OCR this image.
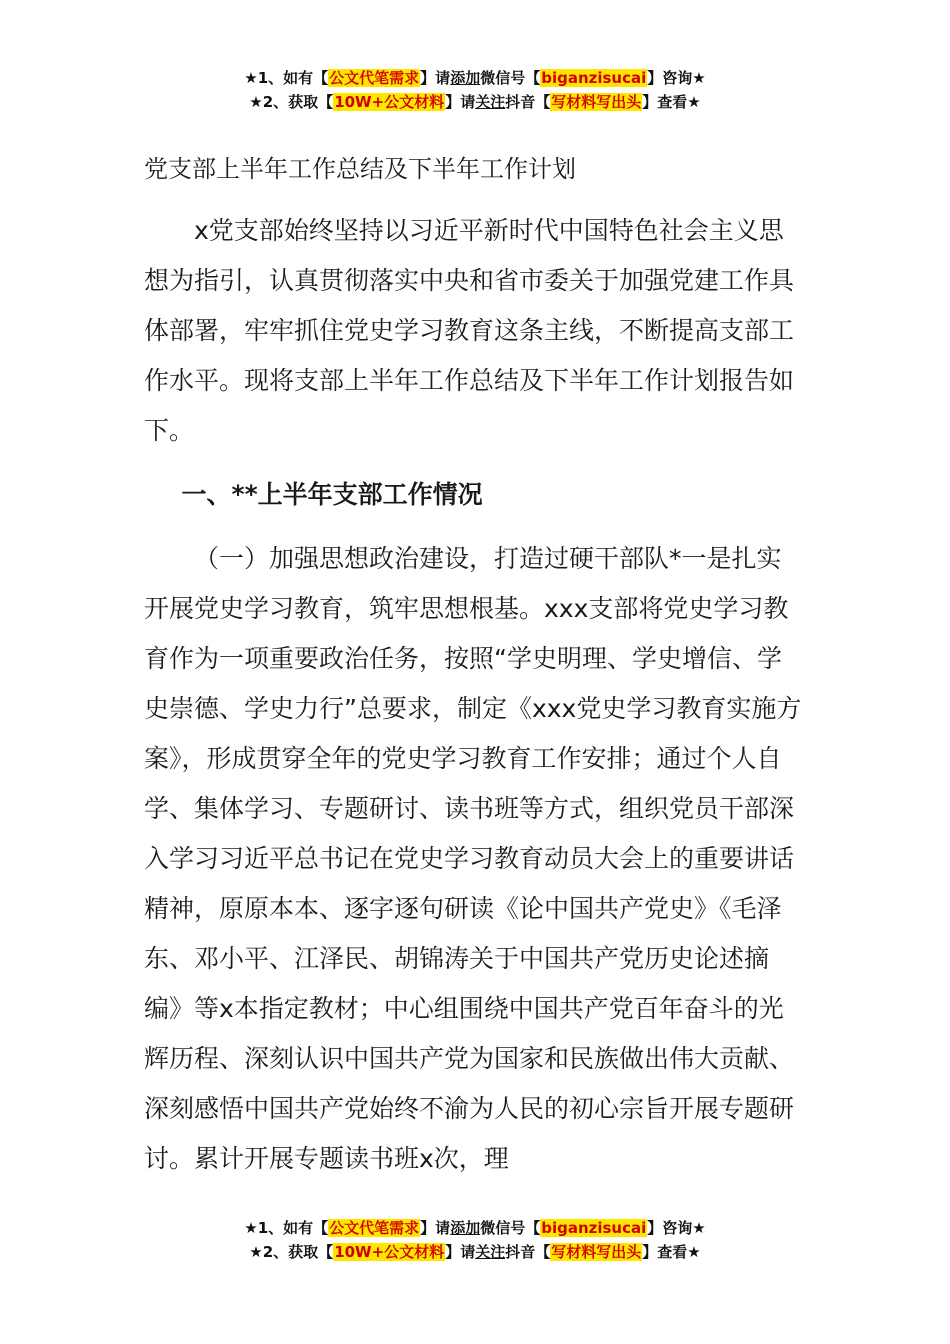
★1、如有【公文代笔需求】请添加微信号【biganzisucai】咨询★
★2、获取【10W+公文材料】请关注抖音【写材料写出头】查看★
党支部上半年工作总结及下半年工作计划

x党支部始终坚持以习近平新时代中国特色社会主义思想为指引，认真贯彻落实中央和省市委关于加强党建工作具体部署，牢牢抓住党史学习教育这条主线，不断提高支部工作水平。现将支部上半年工作总结及下半年工作计划报告如下。

一、**上半年支部工作情况

（一）加强思想政治建设，打造过硬干部队*一是扎实开展党史学习教育，筑牢思想根基。xxx支部将党史学习教育作为一项重要政治任务，按照“学史明理、学史增信、学史崇德、学史力行”总要求，制定《xxx党史学习教育实施方案》，形成贯穿全年的党史学习教育工作安排；通过个人自学、集体学习、专题研讨、读书班等方式，组织党员干部深入学习习近平总书记在党史学习教育动员大会上的重要讲话精神，原原本本、逐字逐句研读《论中国共产党史》《毛泽东、邓小平、江泽民、胡锦涛关于中国共产党历史论述摘编》等x本指定教材；中心组围绕中国共产党百年奋斗的光辉历程、深刻认识中国共产党为国家和民族做出伟大贡献、深刻感悟中国共产党始终不渝为人民的初心宗旨开展专题研讨。累计开展专题读书班x次，理

★1、如有【公文代笔需求】请添加微信号【biganzisucai】咨询★
★2、获取【10W+公文材料】请关注抖音【写材料写出头】查看★
